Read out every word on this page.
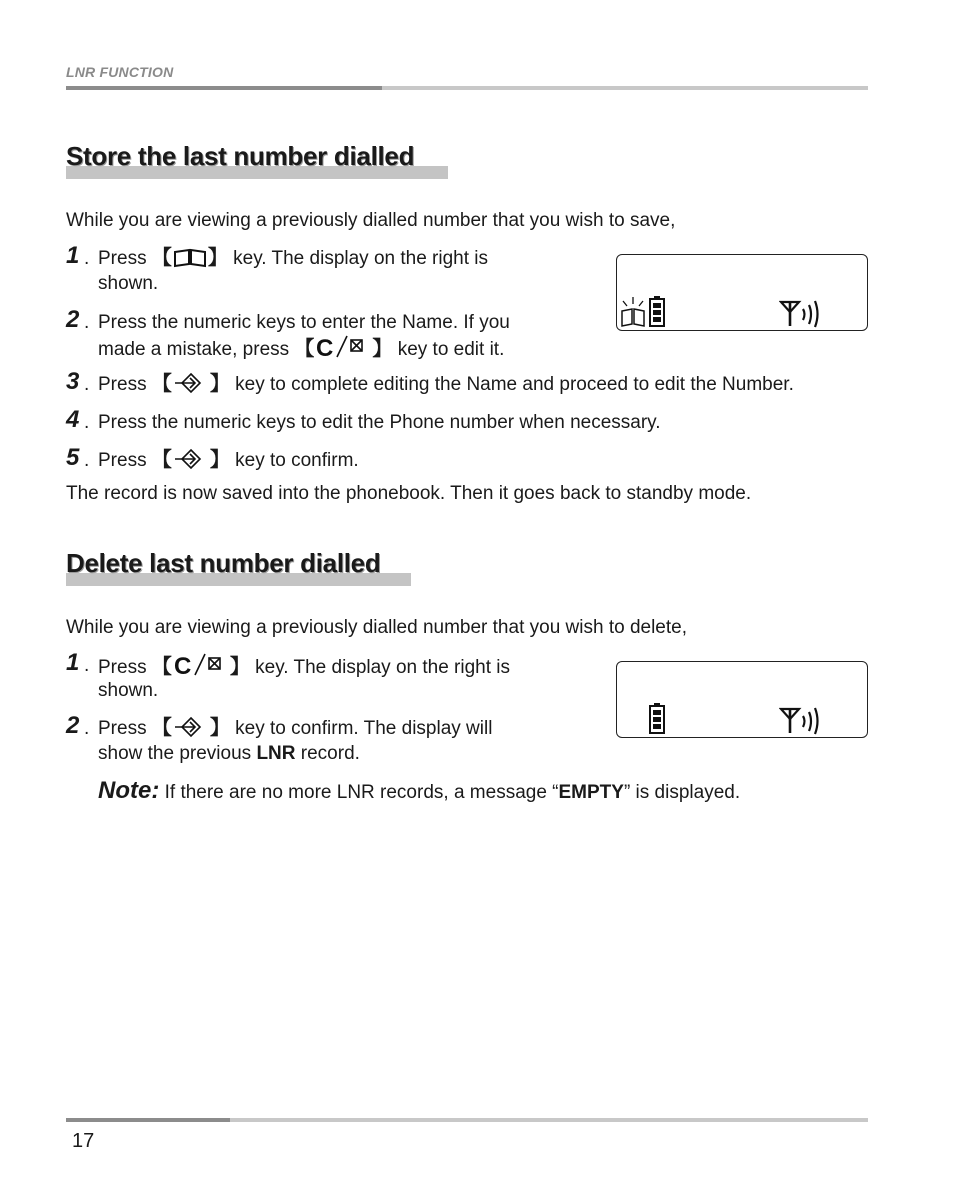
LNR FUNCTION
Store the last number dialled

While you are viewing a previously dialled number that you wish to save,

1 . Press 【 】 key. The display on the right is
shown.
2 . Press the numeric keys to enter the Name. If you
made a mistake, press 【 C 】 key to edit it.
3 . Press 【 】 key to complete editing the Name and proceed to edit the Number.
4 . Press the numeric keys to edit the Phone number when necessary.
5 . Press 【 】 key to confirm.

The record is now saved into the phonebook. Then it goes back to standby mode.

Delete last number dialled

While you are viewing a previously dialled number that you wish to delete,

1 . Press 【 C 】 key. The display on the right is
shown.
2 . Press 【 】 key to confirm. The display will
show the previous LNR record.
Note: If there are no more LNR records, a message “EMPTY” is displayed.
17
